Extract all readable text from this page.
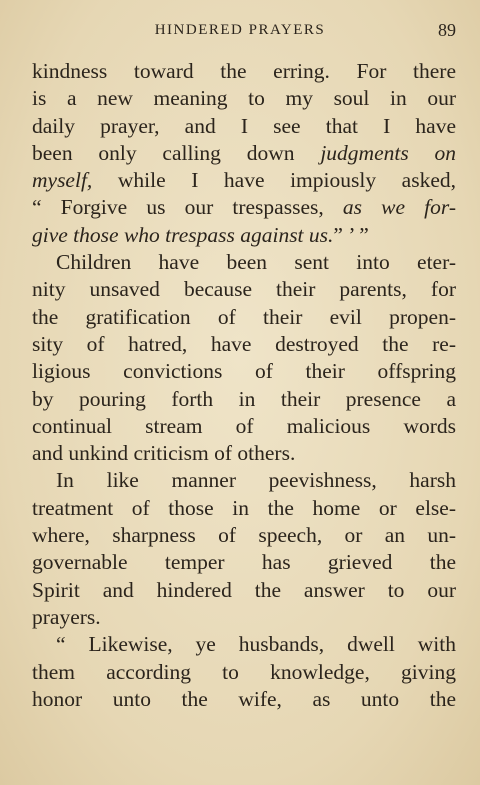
HINDERED PRAYERS	89
kindness toward the erring. For there
is a new meaning to my soul in our
daily prayer, and I see that I have
been only calling down judgments on
myself, while I have impiously asked,
“ Forgive us our trespasses, as we for-
give those who trespass against us.” ’ ”
Children have been sent into eter-
nity unsaved because their parents, for
the gratification of their evil propen-
sity of hatred, have destroyed the re-
ligious convictions of their offspring
by pouring forth in their presence a
continual stream of malicious words
and unkind criticism of others.
In like manner peevishness, harsh
treatment of those in the home or else-
where, sharpness of speech, or an un-
governable temper has grieved the
Spirit and hindered the answer to our
prayers.
“ Likewise, ye husbands, dwell with
them according to knowledge, giving
honor unto the wife, as unto the
